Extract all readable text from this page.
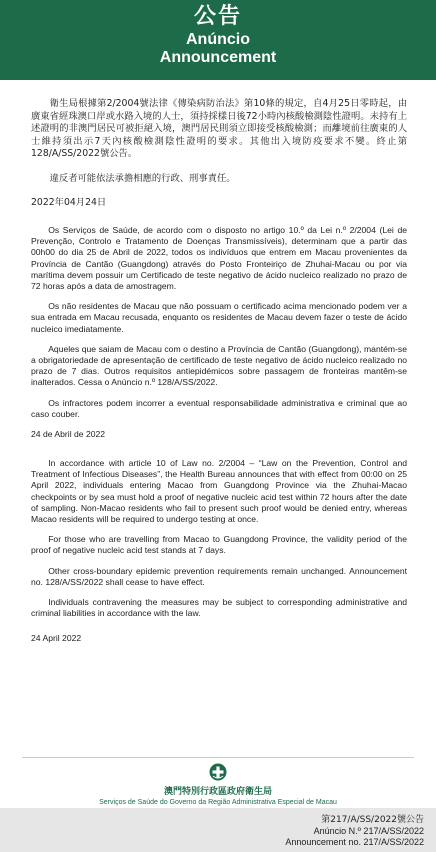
公告
Anúncio
Announcement

衛生局根據第2/2004號法律《傳染病防治法》第10條的規定，自4月25日零時起，由廣東省經珠澳口岸或水路入境的人士，須持採樣日後72小時內核酸檢測陰性證明。未持有上述證明的非澳門居民可被拒絕入境，澳門居民則須立即接受核酸檢測；而離境前往廣東的人士維持須出示7天內核酸檢測陰性證明的要求。其他出入境防疫要求不變。終止第128/A/SS/2022號公告。

違反者可能依法承擔相應的行政、刑事責任。

2022年04月24日

Os Serviços de Saúde, de acordo com o disposto no artigo 10.º da Lei n.º 2/2004 (Lei de Prevenção, Controlo e Tratamento de Doenças Transmissíveis), determinam que a partir das 00h00 do dia 25 de Abril de 2022, todos os indivíduos que entrem em Macau provenientes da Província de Cantão (Guangdong) através do Posto Fronteiriço de Zhuhai-Macau ou por via marítima devem possuir um Certificado de teste negativo de ácido nucleico realizado no prazo de 72 horas após a data de amostragem.

Os não residentes de Macau que não possuam o certificado acima mencionado podem ver a sua entrada em Macau recusada, enquanto os residentes de Macau devem fazer o teste de ácido nucleico imediatamente.

Aqueles que saiam de Macau com o destino a Província de Cantão (Guangdong), mantém-se a obrigatoriedade de apresentação de certificado de teste negativo de ácido nucleico realizado no prazo de 7 dias. Outros requisitos antiepidémicos sobre passagem de fronteiras mantêm-se inalterados. Cessa o Anúncio n.º 128/A/SS/2022.

Os infractores podem incorrer a eventual responsabilidade administrativa e criminal que ao caso couber.

24 de Abril de 2022

In accordance with article 10 of Law no. 2/2004 – “Law on the Prevention, Control and Treatment of Infectious Diseases”, the Health Bureau announces that with effect from 00:00 on 25 April 2022, individuals entering Macao from Guangdong Province via the Zhuhai-Macao checkpoints or by sea must hold a proof of negative nucleic acid test within 72 hours after the date of sampling. Non-Macao residents who fail to present such proof would be denied entry, whereas Macao residents will be required to undergo testing at once.

For those who are travelling from Macao to Guangdong Province, the validity period of the proof of negative nucleic acid test stands at 7 days.

Other cross-boundary epidemic prevention requirements remain unchanged. Announcement no. 128/A/SS/2022 shall cease to have effect.

Individuals contravening the measures may be subject to corresponding administrative and criminal liabilities in accordance with the law.

24 April 2022
澳門特別行政區政府衛生局
Serviços de Saúde do Governo da Região Administrativa Especial de Macau
第217/A/SS/2022號公告
Anúncio N.º 217/A/SS/2022
Announcement no. 217/A/SS/2022
